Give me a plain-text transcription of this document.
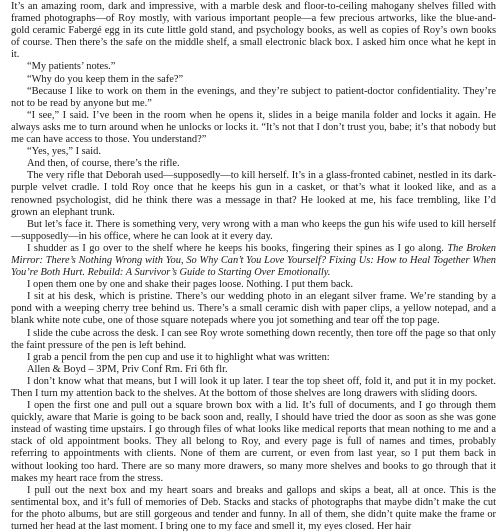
It’s an amazing room, dark and impressive, with a marble desk and floor-to-ceiling mahogany shelves filled with framed photographs—of Roy mostly, with various important people—a few precious artworks, like the blue-and-gold ceramic Fabergé egg in its cute little gold stand, and psychology books, as well as copies of Roy’s own books of course. Then there’s the safe on the middle shelf, a small electronic black box. I asked him once what he kept in it.

“My patients’ notes.”

“Why do you keep them in the safe?”

“Because I like to work on them in the evenings, and they’re subject to patient-doctor confidentiality. They’re not to be read by anyone but me.”

“I see,” I said. I’ve been in the room when he opens it, slides in a beige manila folder and locks it again. He always asks me to turn around when he unlocks or locks it. “It’s not that I don’t trust you, babe; it’s that nobody but me can have access to those. You understand?”

“Yes, yes,” I said.

And then, of course, there’s the rifle.

The very rifle that Deborah used—supposedly—to kill herself. It’s in a glass-fronted cabinet, nestled in its dark-purple velvet cradle. I told Roy once that he keeps his gun in a casket, or that’s what it looked like, and as a renowned psychologist, did he think there was a message in that? He looked at me, his face trembling, like I’d grown an elephant trunk.

But let’s face it. There is something very, very wrong with a man who keeps the gun his wife used to kill herself—supposedly—in his office, where he can look at it every day.

I shudder as I go over to the shelf where he keeps his books, fingering their spines as I go along. The Broken Mirror: There’s Nothing Wrong with You, So Why Can’t You Love Yourself? Fixing Us: How to Heal Together When You’re Both Hurt. Rebuild: A Survivor’s Guide to Starting Over Emotionally.

I open them one by one and shake their pages loose. Nothing. I put them back.

I sit at his desk, which is pristine. There’s our wedding photo in an elegant silver frame. We’re standing by a pond with a weeping cherry tree behind us. There’s a small ceramic dish with paper clips, a yellow notepad, and a blank white note cube, one of those square notepads where you jot something and tear off the top page.

I slide the cube across the desk. I can see Roy wrote something down recently, then tore off the page so that only the faint pressure of the pen is left behind.

I grab a pencil from the pen cup and use it to highlight what was written:

Allen & Boyd – 3PM, Priv Conf Rm. Fri 6th flr.

I don’t know what that means, but I will look it up later. I tear the top sheet off, fold it, and put it in my pocket. Then I turn my attention back to the shelves. At the bottom of those shelves are long drawers with sliding doors.

I open the first one and pull out a square brown box with a lid. It’s full of documents, and I go through them quickly, aware that Marie is going to be back soon and, really, I should have tried the door as soon as she was gone instead of wasting time upstairs. I go through files of what looks like medical reports that mean nothing to me and a stack of old appointment books. They all belong to Roy, and every page is full of names and times, probably referring to appointments with clients. None of them are current, or even from last year, so I put them back in without looking too hard. There are so many more drawers, so many more shelves and books to go through that it makes my heart race from the stress.

I pull out the next box and my heart soars and breaks and gallops and skips a beat, all at once. This is the sentimental box, and it’s full of memories of Deb. Stacks and stacks of photographs that maybe didn’t make the cut for the photo albums, but are still gorgeous and tender and funny. In all of them, she didn’t quite make the frame or turned her head at the last moment. I bring one to my face and smell it, my eyes closed. Her hair
